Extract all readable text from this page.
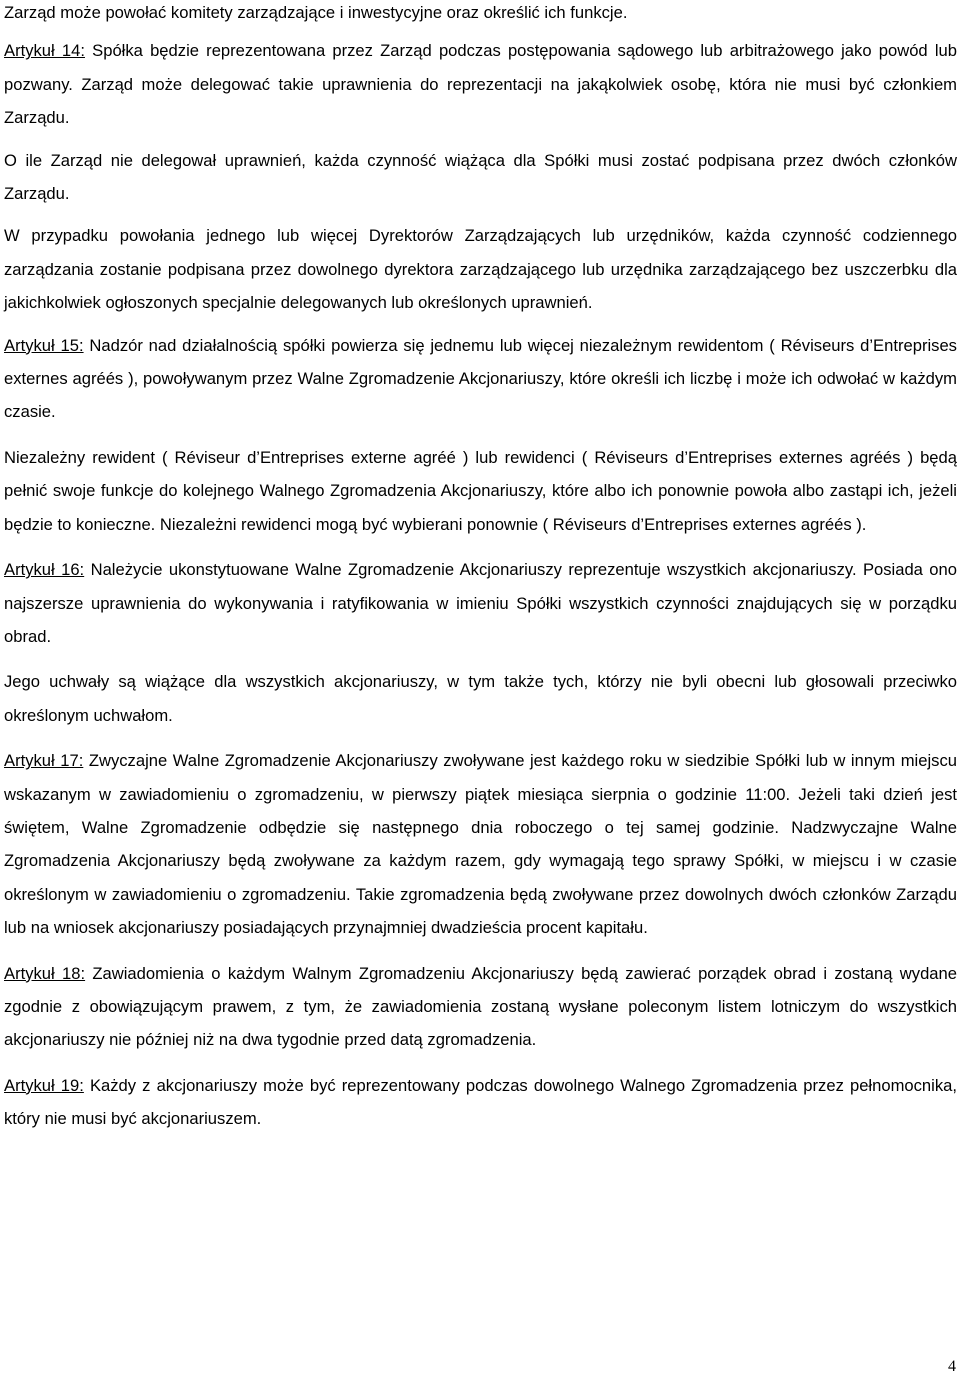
Zarząd może powołać komitety zarządzające i inwestycyjne oraz określić ich funkcje.

Artykuł 14: Spółka będzie reprezentowana przez Zarząd podczas postępowania sądowego lub arbitrażowego jako powód lub pozwany. Zarząd może delegować takie uprawnienia do reprezentacji na jakąkolwiek osobę, która nie musi być członkiem Zarządu.

O ile Zarząd nie delegował uprawnień, każda czynność wiążąca dla Spółki musi zostać podpisana przez dwóch członków Zarządu.

W przypadku powołania jednego lub więcej Dyrektorów Zarządzających lub urzędników, każda czynność codziennego zarządzania zostanie podpisana przez dowolnego dyrektora zarządzającego lub urzędnika zarządzającego bez uszczerbku dla jakichkolwiek ogłoszonych specjalnie delegowanych lub określonych uprawnień.

Artykuł 15: Nadzór nad działalnością spółki powierza się jednemu lub więcej niezależnym rewidentom ( Réviseurs d’Entreprises externes agréés ), powoływanym przez Walne Zgromadzenie Akcjonariuszy, które określi ich liczbę i może ich odwołać w każdym czasie.

Niezależny rewident ( Réviseur d’Entreprises externe agréé ) lub rewidenci ( Réviseurs d’Entreprises externes agréés ) będą pełnić swoje funkcje do kolejnego Walnego Zgromadzenia Akcjonariuszy, które albo ich ponownie powoła albo zastąpi ich, jeżeli będzie to konieczne. Niezależni rewidenci mogą być wybierani ponownie ( Réviseurs d’Entreprises externes agréés ).

Artykuł 16: Należycie ukonstytuowane Walne Zgromadzenie Akcjonariuszy reprezentuje wszystkich akcjonariuszy. Posiada ono najszersze uprawnienia do wykonywania i ratyfikowania w imieniu Spółki wszystkich czynności znajdujących się w porządku obrad.

Jego uchwały są wiążące dla wszystkich akcjonariuszy, w tym także tych, którzy nie byli obecni lub głosowali przeciwko określonym uchwałom.

Artykuł 17: Zwyczajne Walne Zgromadzenie Akcjonariuszy zwoływane jest każdego roku w siedzibie Spółki lub w innym miejscu wskazanym w zawiadomieniu o zgromadzeniu, w pierwszy piątek miesiąca sierpnia o godzinie 11:00. Jeżeli taki dzień jest świętem, Walne Zgromadzenie odbędzie się następnego dnia roboczego o tej samej godzinie. Nadzwyczajne Walne Zgromadzenia Akcjonariuszy będą zwoływane za każdym razem, gdy wymagają tego sprawy Spółki, w miejscu i w czasie określonym w zawiadomieniu o zgromadzeniu. Takie zgromadzenia będą zwoływane przez dowolnych dwóch członków Zarządu lub na wniosek akcjonariuszy posiadających przynajmniej dwadzieścia procent kapitału.

Artykuł 18: Zawiadomienia o każdym Walnym Zgromadzeniu Akcjonariuszy będą zawierać porządek obrad i zostaną wydane zgodnie z obowiązującym prawem, z tym, że zawiadomienia zostaną wysłane poleconym listem lotniczym do wszystkich akcjonariuszy nie później niż na dwa tygodnie przed datą zgromadzenia.

Artykuł 19: Każdy z akcjonariuszy może być reprezentowany podczas dowolnego Walnego Zgromadzenia przez pełnomocnika, który nie musi być akcjonariuszem.

4
